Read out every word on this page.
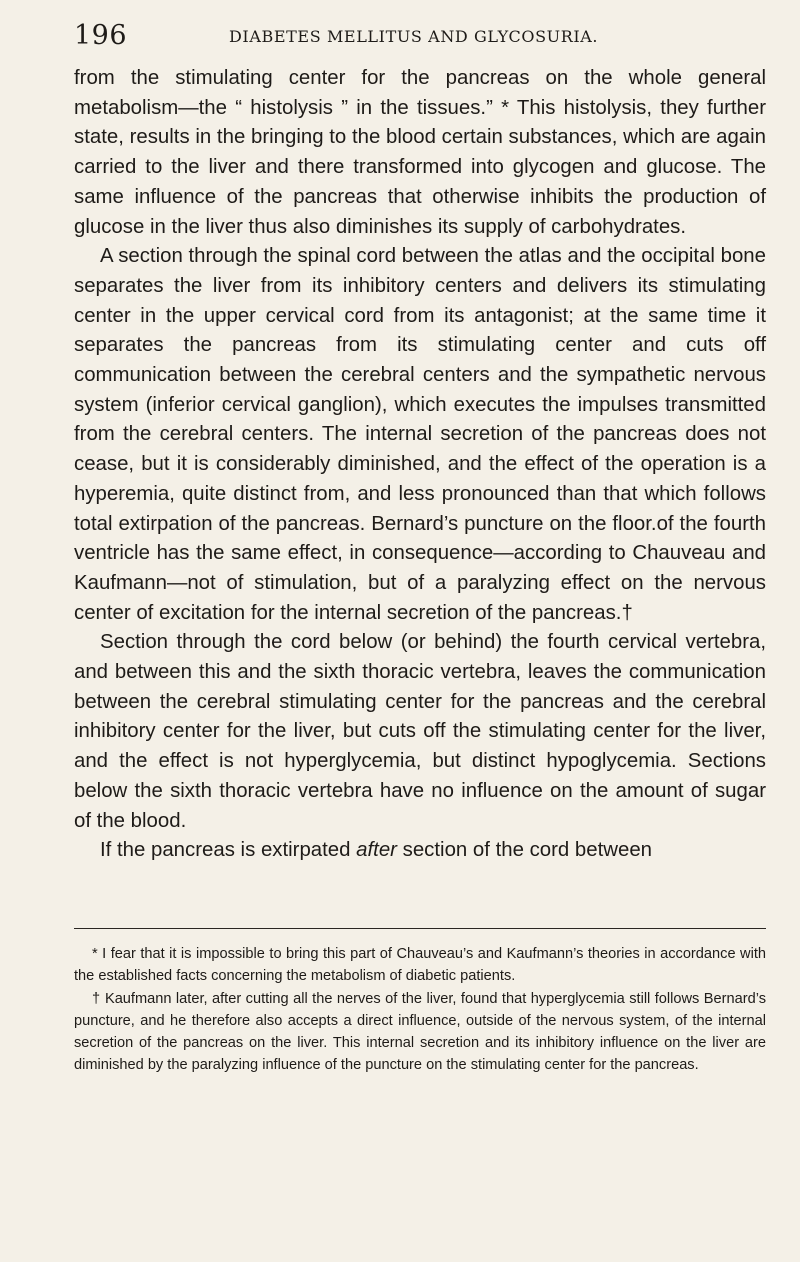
196	DIABETES MELLITUS AND GLYCOSURIA.

from the stimulating center for the pancreas on the whole general metabolism—the “ histolysis ” in the tissues.” * This histolysis, they further state, results in the bringing to the blood certain substances, which are again carried to the liver and there transformed into glycogen and glucose. The same influence of the pancreas that otherwise inhibits the production of glucose in the liver thus also diminishes its supply of carbohydrates.

A section through the spinal cord between the atlas and the occipital bone separates the liver from its inhibitory centers and delivers its stimulating center in the upper cervical cord from its antagonist; at the same time it separates the pancreas from its stimulating center and cuts off communication between the cerebral centers and the sympathetic nervous system (inferior cervical ganglion), which executes the impulses transmitted from the cerebral centers. The internal secretion of the pancreas does not cease, but it is considerably diminished, and the effect of the operation is a hyperemia, quite distinct from, and less pronounced than that which follows total extirpation of the pancreas. Bernard’s puncture on the floor.of the fourth ventricle has the same effect, in consequence—according to Chauveau and Kaufmann—not of stimulation, but of a paralyzing effect on the nervous center of excitation for the internal secretion of the pancreas.†

Section through the cord below (or behind) the fourth cervical vertebra, and between this and the sixth thoracic vertebra, leaves the communication between the cerebral stimulating center for the pancreas and the cerebral inhibitory center for the liver, but cuts off the stimulating center for the liver, and the effect is not hyperglycemia, but distinct hypoglycemia. Sections below the sixth thoracic vertebra have no influence on the amount of sugar of the blood.

If the pancreas is extirpated after section of the cord between

* I fear that it is impossible to bring this part of Chauveau’s and Kaufmann’s theories in accordance with the established facts concerning the metabolism of diabetic patients.

† Kaufmann later, after cutting all the nerves of the liver, found that hyperglycemia still follows Bernard’s puncture, and he therefore also accepts a direct influence, outside of the nervous system, of the internal secretion of the pancreas on the liver. This internal secretion and its inhibitory influence on the liver are diminished by the paralyzing influence of the puncture on the stimulating center for the pancreas.
